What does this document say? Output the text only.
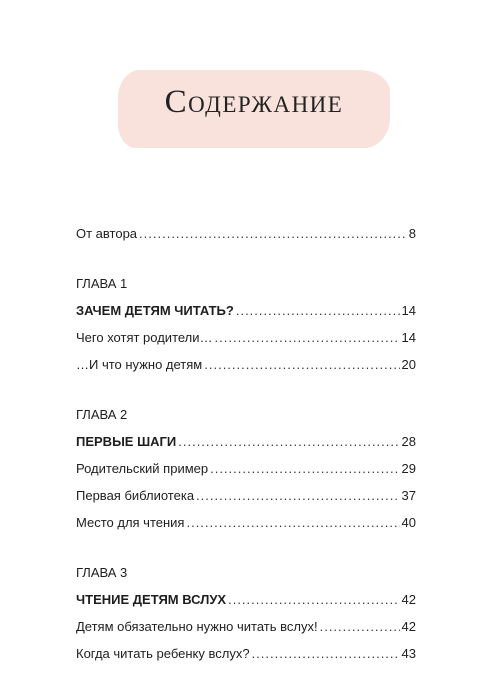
Содержание
От автора .....	8
ГЛАВА 1
ЗАЧЕМ ДЕТЯМ ЧИТАТЬ? .....	14
Чего хотят родители… .....	14
…И что нужно детям .....	20
ГЛАВА 2
ПЕРВЫЕ ШАГИ .....	28
Родительский пример .....	29
Первая библиотека .....	37
Место для чтения .....	40
ГЛАВА 3
ЧТЕНИЕ ДЕТЯМ ВСЛУХ .....	42
Детям обязательно нужно читать вслух! .....	42
Когда читать ребенку вслух? .....	43
